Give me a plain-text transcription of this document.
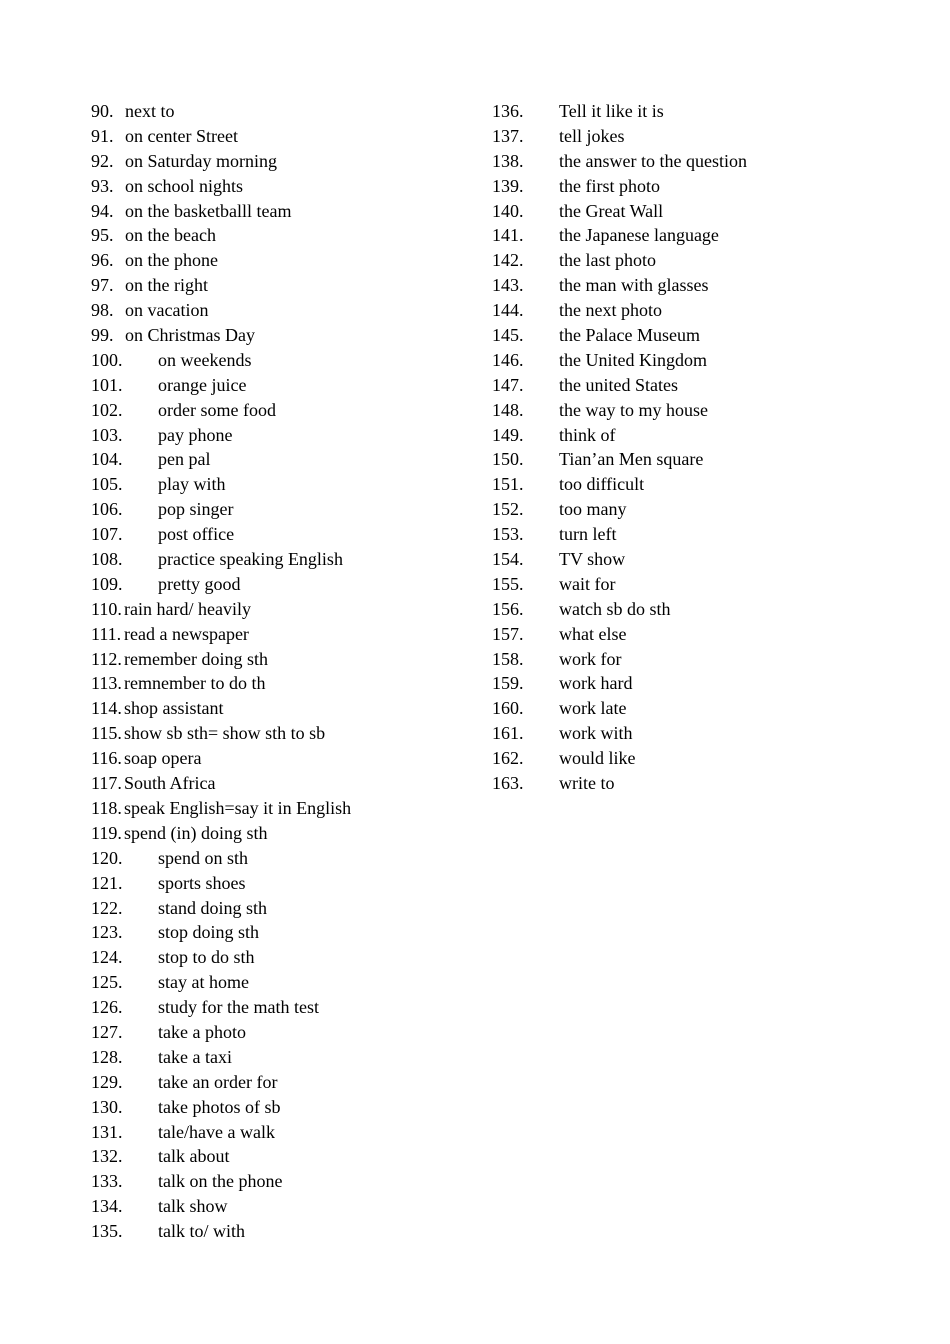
90. next to
91. on center Street
92. on Saturday morning
93. on school nights
94. on the basketballl team
95. on the beach
96. on the phone
97. on the right
98. on vacation
99. on Christmas Day
100. on weekends
101. orange juice
102. order some food
103. pay phone
104. pen pal
105. play with
106. pop singer
107. post office
108. practice speaking English
109. pretty good
110. rain hard/ heavily
111. read a newspaper
112. remember doing sth
113. remnember to do th
114. shop assistant
115. show sb sth= show sth to sb
116. soap opera
117. South Africa
118. speak English=say it in English
119. spend (in) doing sth
120. spend on sth
121. sports shoes
122. stand doing sth
123. stop doing sth
124. stop to do sth
125. stay at home
126. study for the math test
127. take a photo
128. take a taxi
129. take an order for
130. take photos of sb
131. tale/have a walk
132. talk about
133. talk on the phone
134. talk show
135. talk to/ with
136. Tell it like it is
137. tell jokes
138. the answer to the question
139. the first photo
140. the Great Wall
141. the Japanese language
142. the last photo
143. the man with glasses
144. the next photo
145. the Palace Museum
146. the United Kingdom
147. the united States
148. the way to my house
149. think of
150. Tian’an Men square
151. too difficult
152. too many
153. turn left
154. TV show
155. wait for
156. watch sb do sth
157. what else
158. work for
159. work hard
160. work late
161. work with
162. would like
163. write to
